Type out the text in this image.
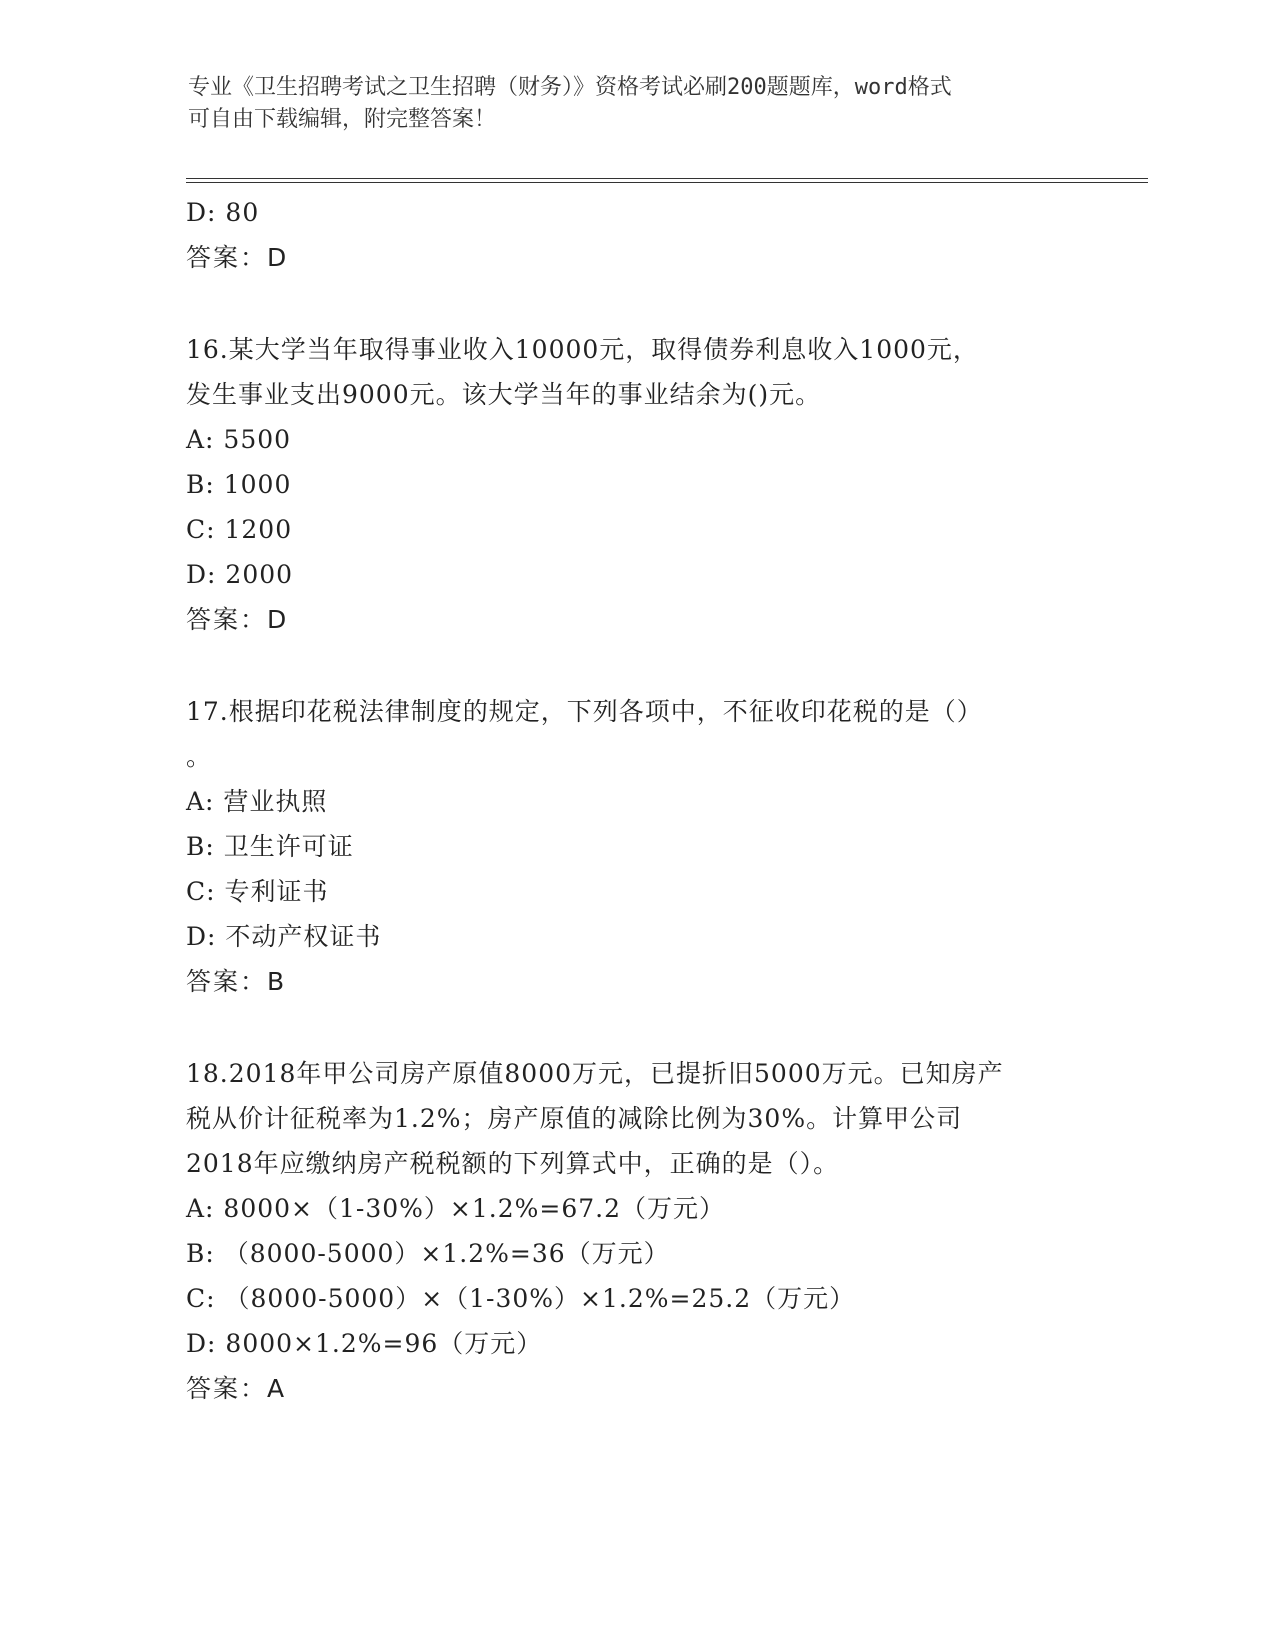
专业《卫生招聘考试之卫生招聘（财务）》资格考试必刷200题题库，word格式
可自由下载编辑，附完整答案！
D: 80
答案：D
16.某大学当年取得事业收入10000元，取得债券利息收入1000元，
发生事业支出9000元。该大学当年的事业结余为()元。
A: 5500
B: 1000
C: 1200
D: 2000
答案：D
17.根据印花税法律制度的规定，下列各项中，不征收印花税的是（）
。
A: 营业执照
B: 卫生许可证
C: 专利证书
D: 不动产权证书
答案：B
18.2018年甲公司房产原值8000万元，已提折旧5000万元。已知房产
税从价计征税率为1.2%；房产原值的减除比例为30%。计算甲公司
2018年应缴纳房产税税额的下列算式中，正确的是（）。
A: 8000×（1-30%）×1.2%=67.2（万元）
B: （8000-5000）×1.2%=36（万元）
C: （8000-5000）×（1-30%）×1.2%=25.2（万元）
D: 8000×1.2%=96（万元）
答案：A
